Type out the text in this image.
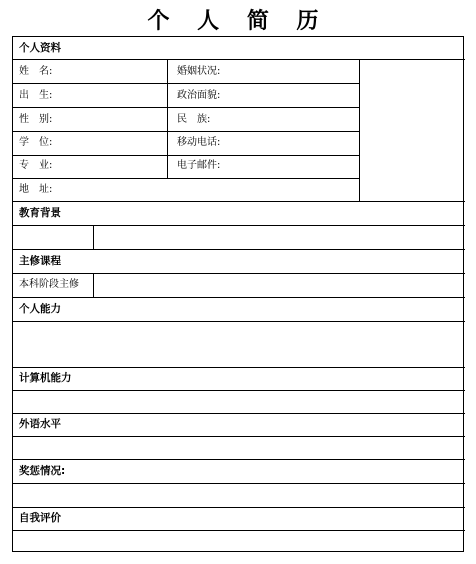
个 人 简 历
个人资料
姓　名:	婚姻状况:
出　生:	政治面貌:
性　别:	民　族:
学　位:	移动电话:
专　业:	电子邮件:
地　址:
教育背景
主修课程
本科阶段主修
个人能力
计算机能力
外语水平
奖惩情况:
自我评价
